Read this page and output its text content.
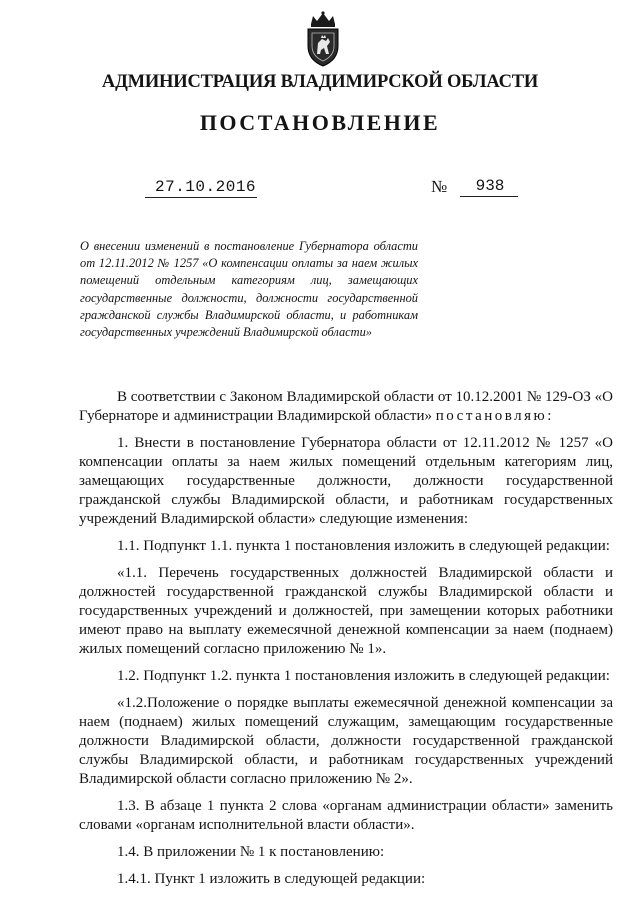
АДМИНИСТРАЦИЯ ВЛАДИМИРСКОЙ ОБЛАСТИ
ПОСТАНОВЛЕНИЕ
27.10.2016	№	938
О внесении изменений в постановление Губернатора области от 12.11.2012 № 1257 «О компенсации оплаты за наем жилых помещений отдельным категориям лиц, замещающих государственные должности, должности государственной гражданской службы Владимирской области, и работникам государственных учреждений Владимирской области»

В соответствии с Законом Владимирской области от 10.12.2001 № 129-ОЗ «О Губернаторе и администрации Владимирской области» постановляю:

1. Внести в постановление Губернатора области от 12.11.2012 № 1257 «О компенсации оплаты за наем жилых помещений отдельным категориям лиц, замещающих государственные должности, должности государственной гражданской службы Владимирской области, и работникам государственных учреждений Владимирской области» следующие изменения:

1.1. Подпункт 1.1. пункта 1 постановления изложить в следующей редакции:

«1.1. Перечень государственных должностей Владимирской области и должностей государственной гражданской службы Владимирской области и государственных учреждений и должностей, при замещении которых работники имеют право на выплату ежемесячной денежной компенсации за наем (поднаем) жилых помещений согласно приложению № 1».

1.2. Подпункт 1.2. пункта 1 постановления изложить в следующей редакции:

«1.2.Положение о порядке выплаты ежемесячной денежной компенсации за наем (поднаем) жилых помещений служащим, замещающим государственные должности Владимирской области, должности государственной гражданской службы Владимирской области, и работникам государственных учреждений Владимирской области согласно приложению № 2».

1.3. В абзаце 1 пункта 2 слова «органам администрации области» заменить словами «органам исполнительной власти области».

1.4. В приложении № 1 к постановлению:

1.4.1. Пункт 1 изложить в следующей редакции:
